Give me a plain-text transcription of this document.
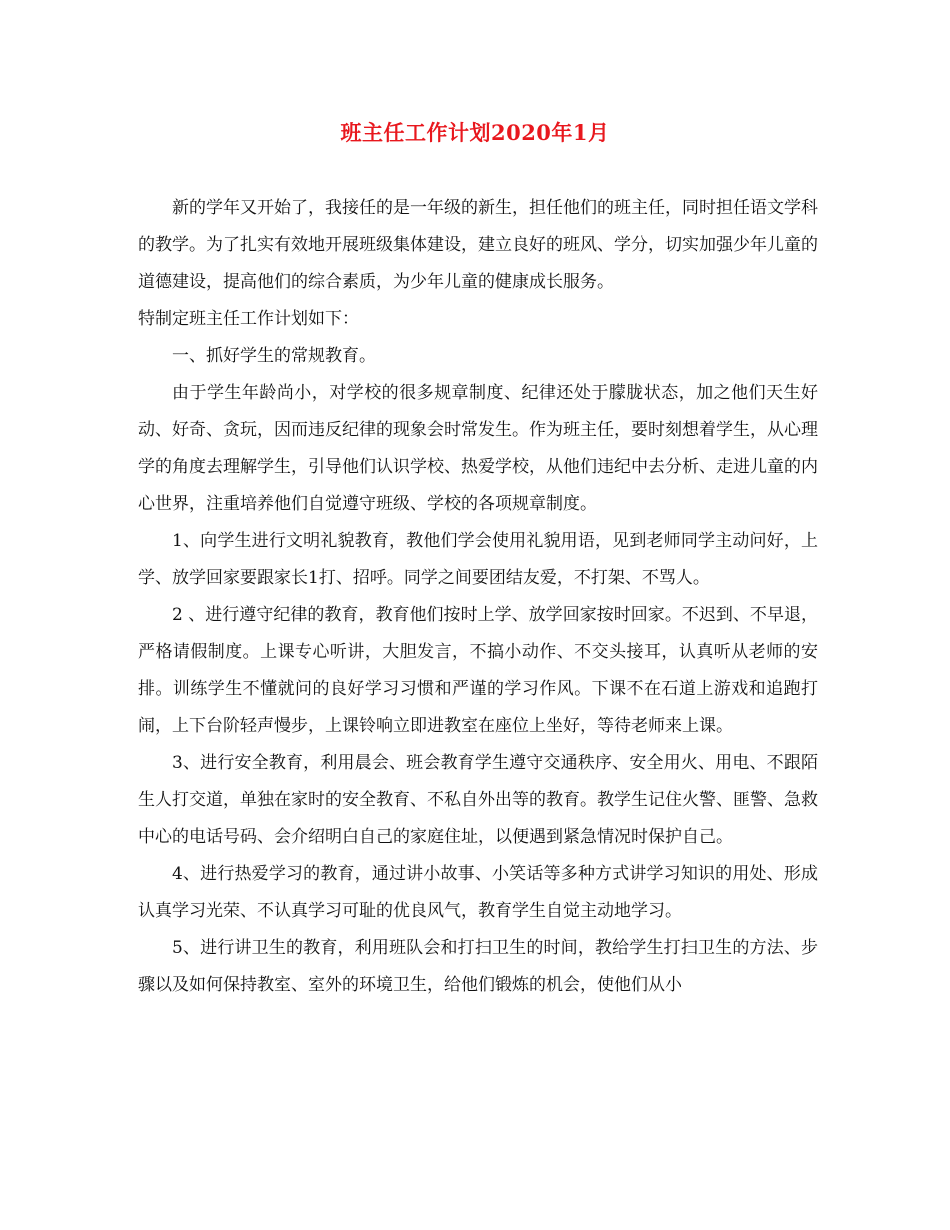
班主任工作计划2020年1月

新的学年又开始了，我接任的是一年级的新生，担任他们的班主任，同时担任语文学科的教学。为了扎实有效地开展班级集体建设，建立良好的班风、学分，切实加强少年儿童的道德建设，提高他们的综合素质，为少年儿童的健康成长服务。

特制定班主任工作计划如下：

一、抓好学生的常规教育。

由于学生年龄尚小，对学校的很多规章制度、纪律还处于朦胧状态，加之他们天生好动、好奇、贪玩，因而违反纪律的现象会时常发生。作为班主任，要时刻想着学生，从心理学的角度去理解学生，引导他们认识学校、热爱学校，从他们违纪中去分析、走进儿童的内心世界，注重培养他们自觉遵守班级、学校的各项规章制度。

1、向学生进行文明礼貌教育，教他们学会使用礼貌用语，见到老师同学主动问好，上学、放学回家要跟家长1打、招呼。同学之间要团结友爱，不打架、不骂人。

2 、进行遵守纪律的教育，教育他们按时上学、放学回家按时回家。不迟到、不早退，严格请假制度。上课专心听讲，大胆发言，不搞小动作、不交头接耳，认真听从老师的安排。训练学生不懂就问的良好学习习惯和严谨的学习作风。下课不在石道上游戏和追跑打闹，上下台阶轻声慢步，上课铃响立即进教室在座位上坐好，等待老师来上课。

3、进行安全教育，利用晨会、班会教育学生遵守交通秩序、安全用火、用电、不跟陌生人打交道，单独在家时的安全教育、不私自外出等的教育。教学生记住火警、匪警、急救中心的电话号码、会介绍明白自己的家庭住址，以便遇到紧急情况时保护自己。

4、进行热爱学习的教育，通过讲小故事、小笑话等多种方式讲学习知识的用处、形成认真学习光荣、不认真学习可耻的优良风气，教育学生自觉主动地学习。

5、进行讲卫生的教育，利用班队会和打扫卫生的时间，教给学生打扫卫生的方法、步骤以及如何保持教室、室外的环境卫生，给他们锻炼的机会，使他们从小
